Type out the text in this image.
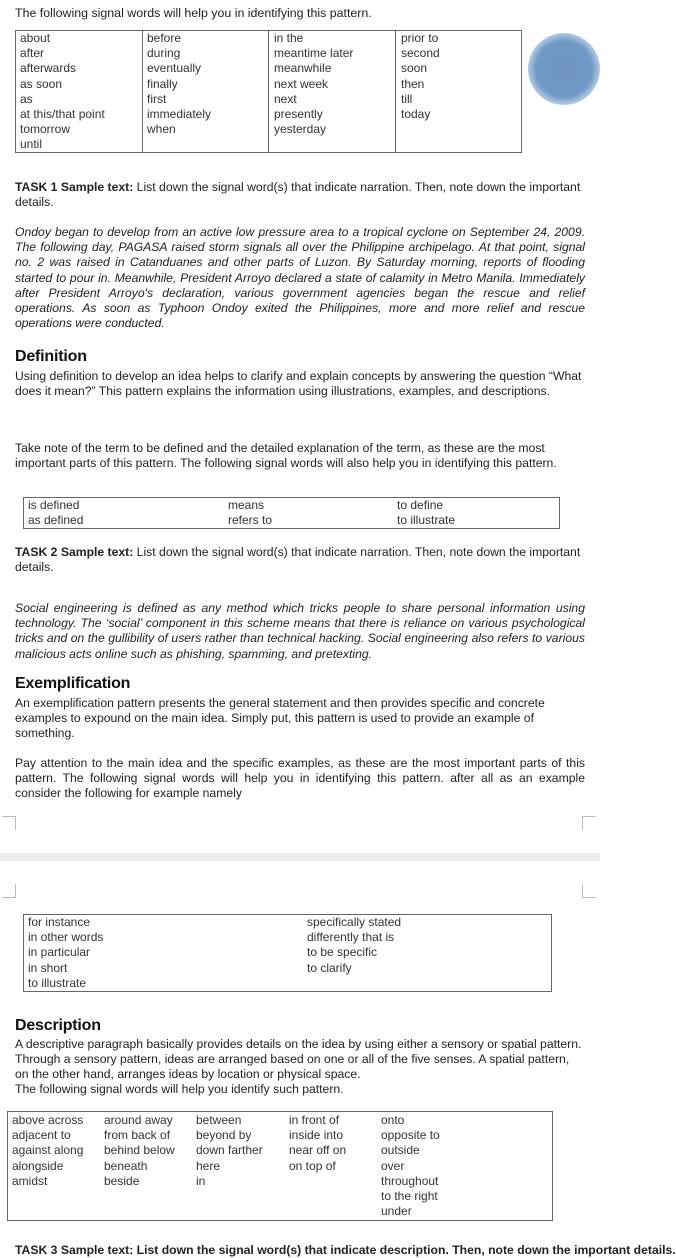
The following signal words will help you in identifying this pattern.
about
after
afterwards
as soon
as
at this/that point
tomorrow
until
before
during
eventually
finally
first
immediately
when
in the
meantime later
meanwhile
next week
next
presently
yesterday
prior to
second
soon
then
till
today
TASK 1 Sample text: List down the signal word(s) that indicate narration. Then, note down the important details.
Ondoy began to develop from an active low pressure area to a tropical cyclone on September 24, 2009. The following day, PAGASA raised storm signals all over the Philippine archipelago. At that point, signal no. 2 was raised in Catanduanes and other parts of Luzon. By Saturday morning, reports of flooding started to pour in. Meanwhile, President Arroyo declared a state of calamity in Metro Manila. Immediately after President Arroyo's declaration, various government agencies began the rescue and relief operations. As soon as Typhoon Ondoy exited the Philippines, more and more relief and rescue operations were conducted.
Definition
Using definition to develop an idea helps to clarify and explain concepts by answering the question “What does it mean?” This pattern explains the information using illustrations, examples, and descriptions.
Take note of the term to be defined and the detailed explanation of the term, as these are the most important parts of this pattern. The following signal words will also help you in identifying this pattern.
is defined
as defined
means
refers to
to define
to illustrate
TASK 2 Sample text: List down the signal word(s) that indicate narration. Then, note down the important details.
Social engineering is defined as any method which tricks people to share personal information using technology. The ‘social’ component in this scheme means that there is reliance on various psychological tricks and on the gullibility of users rather than technical hacking. Social engineering also refers to various malicious acts online such as phishing, spamming, and pretexting.
Exemplification
An exemplification pattern presents the general statement and then provides specific and concrete examples to expound on the main idea. Simply put, this pattern is used to provide an example of something.
Pay attention to the main idea and the specific examples, as these are the most important parts of this pattern. The following signal words will help you in identifying this pattern. after all as an example consider the following for example namely
for instance
in other words
in particular
in short
to illustrate
specifically stated
differently that is
to be specific
to clarify
Description
A descriptive paragraph basically provides details on the idea by using either a sensory or spatial pattern. Through a sensory pattern, ideas are arranged based on one or all of the five senses. A spatial pattern, on the other hand, arranges ideas by location or physical space.
The following signal words will help you identify such pattern.
above across
adjacent to
against along
alongside
amidst
around away
from back of
behind below
beneath
beside
between
beyond by
down farther
here
in
in front of
inside into
near off on
on top of
onto
opposite to
outside
over
throughout
to the right
under
TASK 3 Sample text: List down the signal word(s) that indicate description. Then, note down the important details.
